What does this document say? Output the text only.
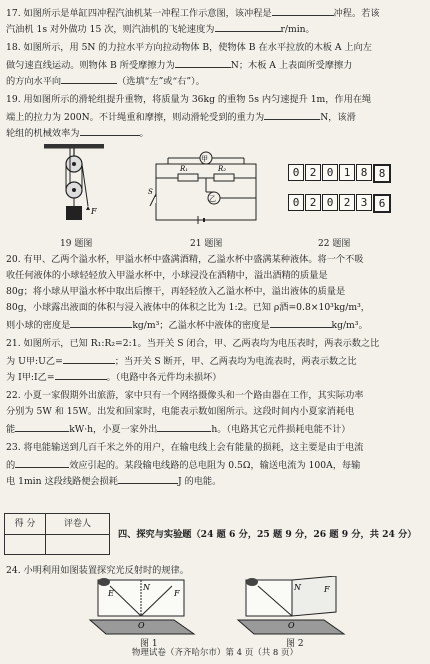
17. 如图所示是单缸四冲程汽油机某一冲程工作示意图，该冲程是	冲程。若该
汽油机 1s 对外做功 15 次，则汽油机的飞轮速度为	r/min。
18. 如图所示，用 5N 的力拉水平方向拉动物体 B，使物体 B 在水平拉放的木板 A 上向左
做匀速直线运动。则物体 B 所受摩擦力为	N；木板 A 上表面所受摩擦力
的方向水平向	（选填“左”或“右”）。
19. 用如图所示的滑轮组提升重物，将质量为 36kg 的重物 5s 内匀速提升 1m，作用在绳
端上的拉力为 200N。不计绳重和摩擦，则动滑轮受到的重力为	N，该滑
轮组的机械效率为	。
F
甲
R₁	R₂
乙
S
0 2 0 1 8	8
0 2 0 2 3	6
19 题图	21 题图	22 题图
20. 有甲、乙两个溢水杯，甲溢水杯中盛满酒精，乙溢水杯中盛满某种液体。将一个不吸
收任何液体的小球轻轻放入甲溢水杯中，小球浸没在酒精中，溢出酒精的质量是
80g；将小球从甲溢水杯中取出后擦干，再轻轻放入乙溢水杯中，溢出液体的质量是
80g，小球露出液面的体积与浸入液体中的体积之比为 1:2。已知 ρ酒=0.8×10³kg/m³，
则小球的密度是	kg/m³；乙溢水杯中液体的密度是	kg/m³。
21. 如图所示，已知 R₁:R₂=2:1。当开关 S 闭合，甲、乙两表均为电压表时，两表示数之比
为 U甲:U乙=	；当开关 S 断开，甲、乙两表均为电流表时，两表示数之比
为 I甲:I乙=	。（电路中各元件均未损坏）
22. 小夏一家假期外出旅游，家中只有一个网络摄像头和一个路由器在工作，其实际功率
分别为 5W 和 15W。出发和回家时，电能表示数如图所示。这段时间内小夏家消耗电
能	kW·h，小夏一家外出	h。（电路其它元件损耗电能不计）
23. 将电能输送到几百千米之外的用户，在输电线上会有能量的损耗，这主要是由于电流
的	效应引起的。某段输电线路的总电阻为 0.5Ω，输送电流为 100A，每输
电 1min 这段线路便会损耗	J 的电能。
得 分	评卷人
四、探究与实验题（24 题 6 分，25 题 9 分，26 题 9 分，共 24 分）
24. 小明利用如图装置探究光反射时的规律。
E
N
F
O
N	F
O
图 1	图 2
物理试卷（齐齐哈尔市）第 4 页（共 8 页）
